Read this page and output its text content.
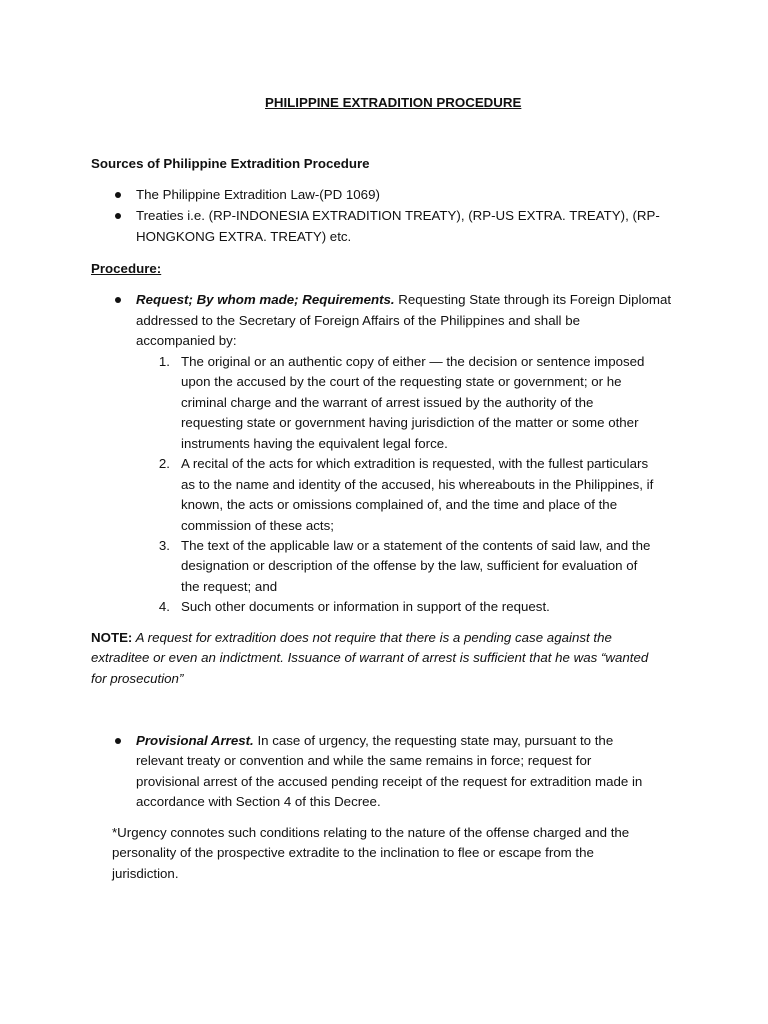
PHILIPPINE EXTRADITION PROCEDURE
Sources of Philippine Extradition Procedure
The Philippine Extradition Law-(PD 1069)
Treaties i.e. (RP-INDONESIA EXTRADITION TREATY), (RP-US EXTRA. TREATY), (RP-
HONGKONG EXTRA. TREATY) etc.
Procedure:
Request; By whom made; Requirements. Requesting State through its Foreign Diplomat
addressed to the Secretary of Foreign Affairs of the Philippines and shall be
accompanied by:
1. The original or an authentic copy of either — the decision or sentence imposed
upon the accused by the court of the requesting state or government; or he
criminal charge and the warrant of arrest issued by the authority of the
requesting state or government having jurisdiction of the matter or some other
instruments having the equivalent legal force.
2. A recital of the acts for which extradition is requested, with the fullest particulars
as to the name and identity of the accused, his whereabouts in the Philippines, if
known, the acts or omissions complained of, and the time and place of the
commission of these acts;
3. The text of the applicable law or a statement of the contents of said law, and the
designation or description of the offense by the law, sufficient for evaluation of
the request; and
4. Such other documents or information in support of the request.
NOTE: A request for extradition does not require that there is a pending case against the
extraditee or even an indictment. Issuance of warrant of arrest is sufficient that he was “wanted
for prosecution”
Provisional Arrest. In case of urgency, the requesting state may, pursuant to the
relevant treaty or convention and while the same remains in force; request for
provisional arrest of the accused pending receipt of the request for extradition made in
accordance with Section 4 of this Decree.
*Urgency connotes such conditions relating to the nature of the offense charged and the
personality of the prospective extradite to the inclination to flee or escape from the
jurisdiction.
